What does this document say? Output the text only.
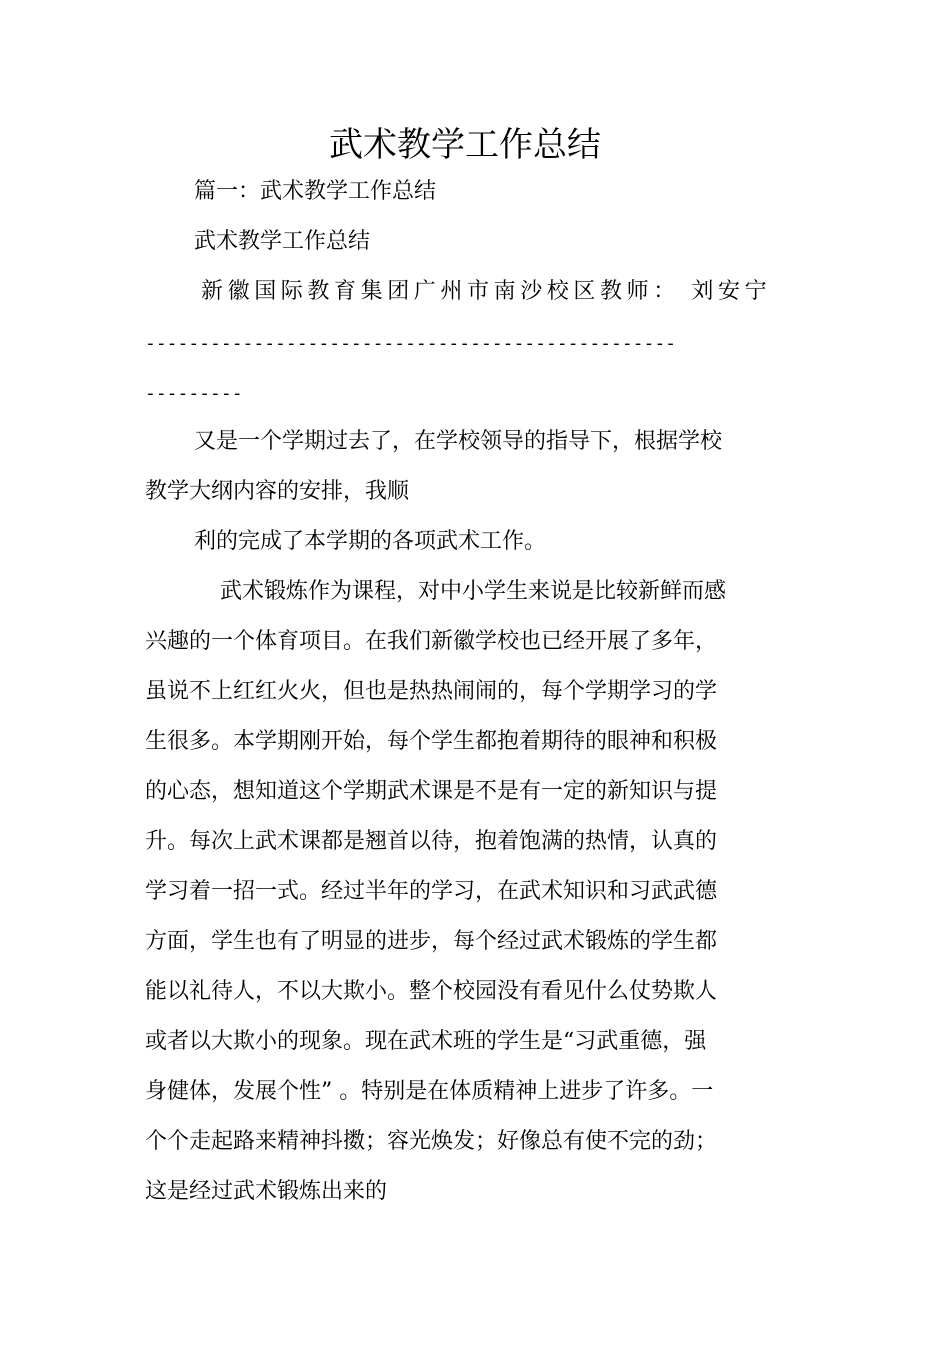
武术教学工作总结
篇一：武术教学工作总结
武术教学工作总结
新徽国际教育集团广州市南沙校区教师： 刘安宁
-------------------------------------------------
---------
又是一个学期过去了，在学校领导的指导下，根据学校
教学大纲内容的安排，我顺
利的完成了本学期的各项武术工作。
武术锻炼作为课程，对中小学生来说是比较新鲜而感
兴趣的一个体育项目。在我们新徽学校也已经开展了多年，
虽说不上红红火火，但也是热热闹闹的，每个学期学习的学
生很多。本学期刚开始，每个学生都抱着期待的眼神和积极
的心态，想知道这个学期武术课是不是有一定的新知识与提
升。每次上武术课都是翘首以待，抱着饱满的热情，认真的
学习着一招一式。经过半年的学习，在武术知识和习武武德
方面，学生也有了明显的进步，每个经过武术锻炼的学生都
能以礼待人，不以大欺小。整个校园没有看见什么仗势欺人
或者以大欺小的现象。现在武术班的学生是“习武重德，强
身健体，发展个性” 。特别是在体质精神上进步了许多。一
个个走起路来精神抖擞；容光焕发；好像总有使不完的劲；
这是经过武术锻炼出来的
